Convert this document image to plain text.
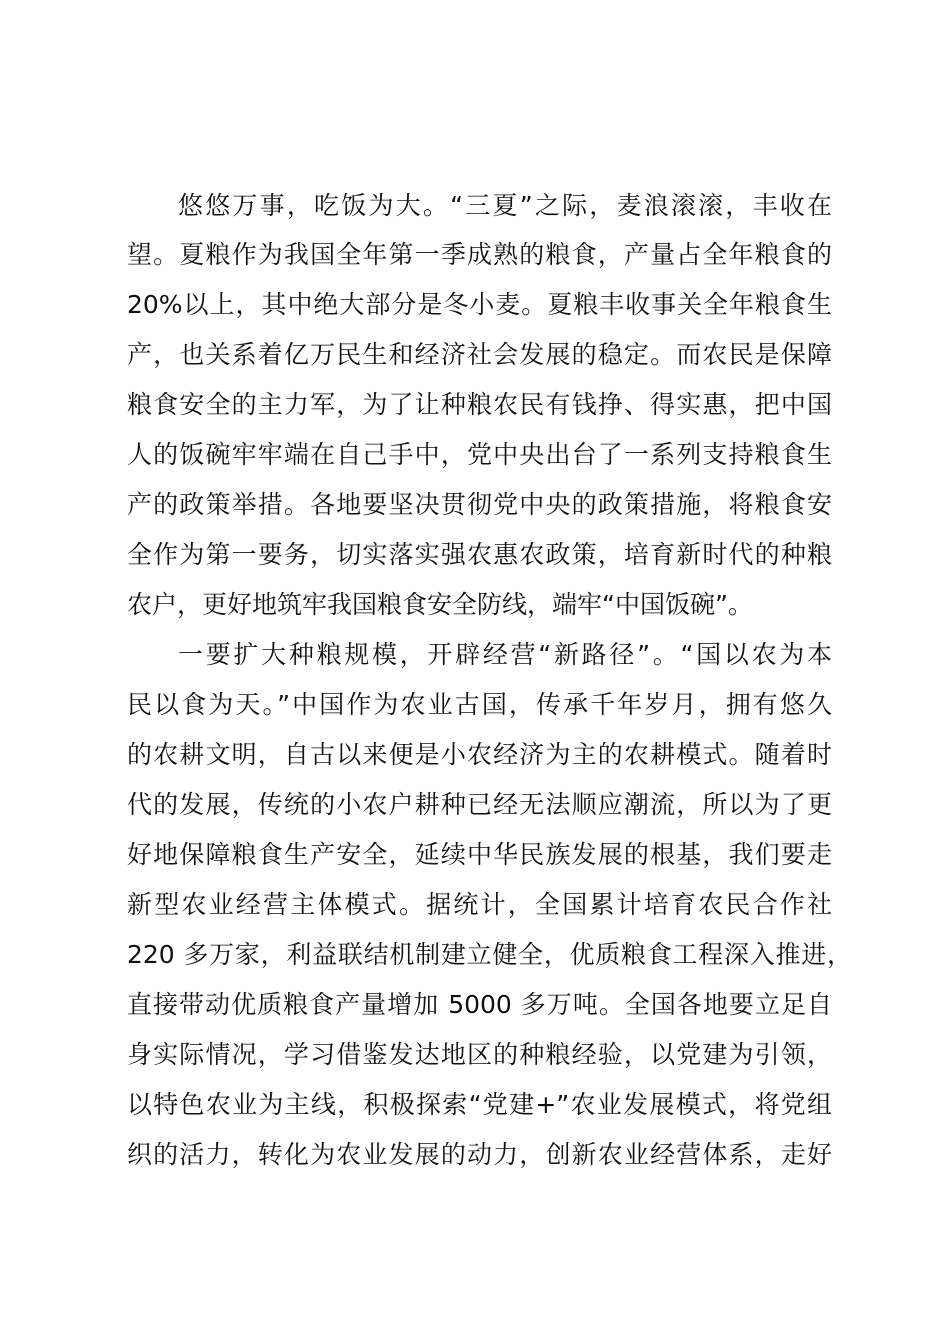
悠悠万事，吃饭为大。“三夏”之际，麦浪滚滚，丰收在
望。夏粮作为我国全年第一季成熟的粮食，产量占全年粮食的
20%以上，其中绝大部分是冬小麦。夏粮丰收事关全年粮食生
产，也关系着亿万民生和经济社会发展的稳定。而农民是保障
粮食安全的主力军，为了让种粮农民有钱挣、得实惠，把中国
人的饭碗牢牢端在自己手中，党中央出台了一系列支持粮食生
产的政策举措。各地要坚决贯彻党中央的政策措施，将粮食安
全作为第一要务，切实落实强农惠农政策，培育新时代的种粮
农户，更好地筑牢我国粮食安全防线，端牢“中国饭碗”。
一要扩大种粮规模，开辟经营“新路径”。“国以农为本
民以食为天。”中国作为农业古国，传承千年岁月，拥有悠久
的农耕文明，自古以来便是小农经济为主的农耕模式。随着时
代的发展，传统的小农户耕种已经无法顺应潮流，所以为了更
好地保障粮食生产安全，延续中华民族发展的根基，我们要走
新型农业经营主体模式。据统计，全国累计培育农民合作社
220 多万家，利益联结机制建立健全，优质粮食工程深入推进，
直接带动优质粮食产量增加 5000 多万吨。全国各地要立足自
身实际情况，学习借鉴发达地区的种粮经验，以党建为引领，
以特色农业为主线，积极探索“党建+”农业发展模式，将党组
织的活力，转化为农业发展的动力，创新农业经营体系，走好
